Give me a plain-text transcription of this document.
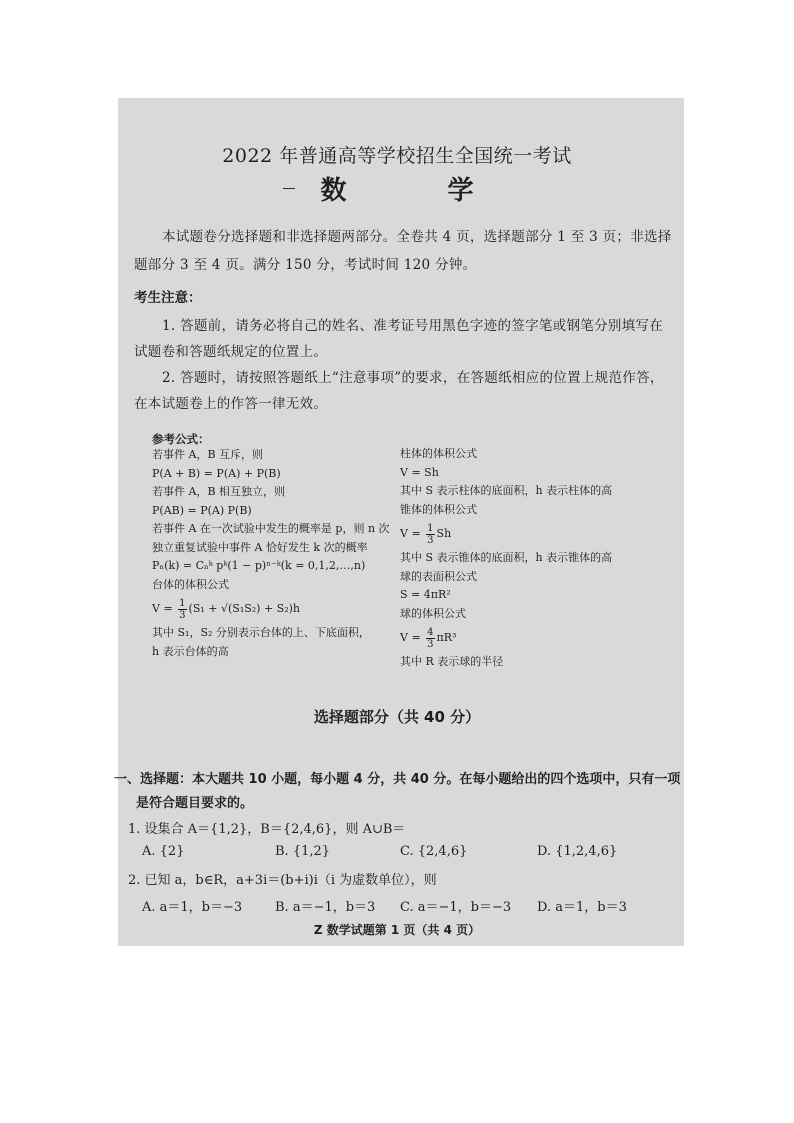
2022 年普通高等学校招生全国统一考试
数 学
本试题卷分选择题和非选择题两部分。全卷共 4 页，选择题部分 1 至 3 页；非选择题部分 3 至 4 页。满分 150 分，考试时间 120 分钟。
考生注意：
1. 答题前，请务必将自己的姓名、准考证号用黑色字迹的签字笔或钢笔分别填写在试题卷和答题纸规定的位置上。
2. 答题时，请按照答题纸上“注意事项”的要求，在答题纸相应的位置上规范作答，在本试题卷上的作答一律无效。
参考公式：
若事件 A，B 互斥，则
P(A + B) = P(A) + P(B)
若事件 A，B 相互独立，则
P(AB) = P(A) P(B)
若事件 A 在一次试验中发生的概率是 p，则 n 次
独立重复试验中事件 A 恰好发生 k 次的概率
Pₙ(k) = Cₙᵏ pᵏ(1 − p)ⁿ⁻ᵏ(k = 0,1,2,…,n)
台体的体积公式
$V = \frac{1}{3} (S_1 + √(S_1S_2) + S_2)h$
其中 S₁，S₂ 分别表示台体的上、下底面积，
h 表示台体的高
柱体的体积公式
V = Sh
其中 S 表示柱体的底面积，h 表示柱体的高
锥体的体积公式
$V = \frac{1}{3}$ Sh
其中 S 表示锥体的底面积，h 表示锥体的高
球的表面积公式
S = 4πR²
球的体积公式
$V = \frac{4}{3} \pi R^3$
其中 R 表示球的半径
选择题部分（共 40 分）
一、选择题：本大题共 10 小题，每小题 4 分，共 40 分。在每小题给出的四个选项中，只有一项
是符合题目要求的。
1. 设集合 A＝{1,2}，B＝{2,4,6}，则 A∪B＝
A. {2}	B. {1,2}	C. {2,4,6}	D. {1,2,4,6}
2. 已知 a，b∈R，a+3i＝(b+i)i（i 为虚数单位），则
A. a＝1，b＝−3	B. a＝−1，b＝3 C. a＝−1，b＝−3 D. a＝1，b＝3
Z 数学试题第 1 页（共 4 页）
